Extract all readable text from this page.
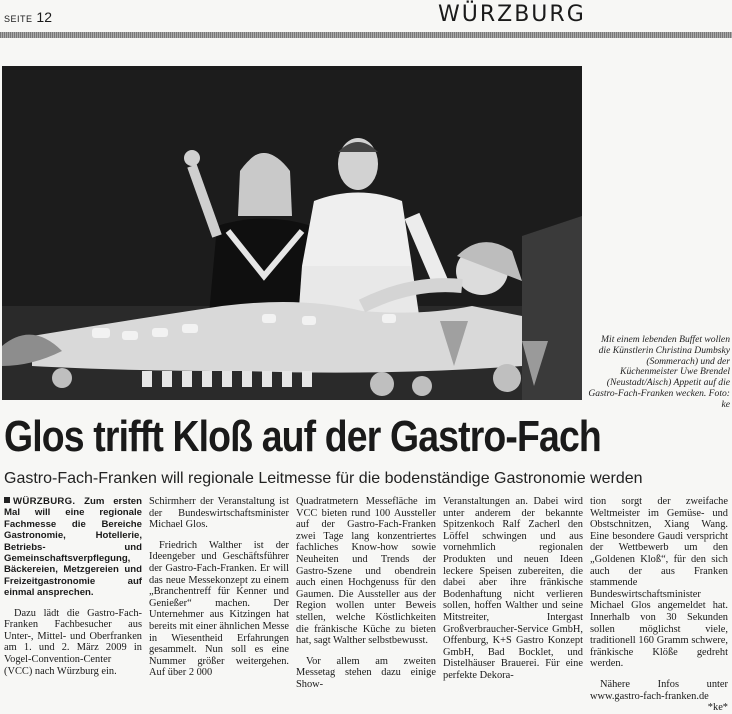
SEITE 12	WÜRZBURG
Mit einem lebenden Buffet wollen die Künstlerin Christina Dumbsky (Sommerach) und der Küchenmeister Uwe Brendel (Neustadt/Aisch) Appetit auf die Gastro-Fach-Franken wecken. Foto: ke
Glos trifft Kloß auf der Gastro-Fach
Gastro-Fach-Franken will regionale Leitmesse für die bodenständige Gastronomie werden

WÜRZBURG. Zum ersten Mal will eine regionale Fachmesse die Bereiche Gastronomie, Hotellerie, Betriebs- und Gemeinschaftsverpflegung, Bäckereien, Metzgereien und Freizeitgastronomie auf einmal ansprechen.

Dazu lädt die Gastro-Fach-Franken Fachbesucher aus Unter-, Mittel- und Oberfranken am 1. und 2. März 2009 in Vogel-Convention-Center (VCC) nach Würzburg ein.

Schirmherr der Veranstaltung ist der Bundeswirtschaftsminister Michael Glos.

Friedrich Walther ist der Ideengeber und Geschäftsführer der Gastro-Fach-Franken. Er will das neue Messekonzept zu einem „Branchentreff für Kenner und Genießer“ machen. Der Unternehmer aus Kitzingen hat bereits mit einer ähnlichen Messe in Wiesentheid Erfahrungen gesammelt. Nun soll es eine Nummer größer weitergehen. Auf über 2 000

Quadratmetern Messefläche im VCC bieten rund 100 Aussteller auf der Gastro-Fach-Franken zwei Tage lang konzentriertes fachliches Know-how sowie Neuheiten und Trends der Gastro-Szene und obendrein auch einen Hochgenuss für den Gaumen. Die Aussteller aus der Region wollen unter Beweis stellen, welche Köstlichkeiten die fränkische Küche zu bieten hat, sagt Walther selbstbewusst.

Vor allem am zweiten Messetag stehen dazu einige Show-

Veranstaltungen an. Dabei wird unter anderem der bekannte Spitzenkoch Ralf Zacherl den Löffel schwingen und aus vornehmlich regionalen Produkten und neuen Ideen leckere Speisen zubereiten, die dabei aber ihre fränkische Bodenhaftung nicht verlieren sollen, hoffen Walther und seine Mitstreiter, Intergast Großverbraucher-Service GmbH, Offenburg, K+S Gastro Konzept GmbH, Bad Bocklet, und Distelhäuser Brauerei. Für eine perfekte Dekora-

tion sorgt der zweifache Weltmeister im Gemüse- und Obstschnitzen, Xiang Wang. Eine besondere Gaudi verspricht der Wettbewerb um den „Goldenen Kloß“, für den sich auch der aus Franken stammende Bundeswirtschaftsminister Michael Glos angemeldet hat. Innerhalb von 30 Sekunden sollen möglichst viele, traditionell 160 Gramm schwere, fränkische Klöße gedreht werden.

Nähere Infos unter www.gastro-fach-franken.de
*ke*
